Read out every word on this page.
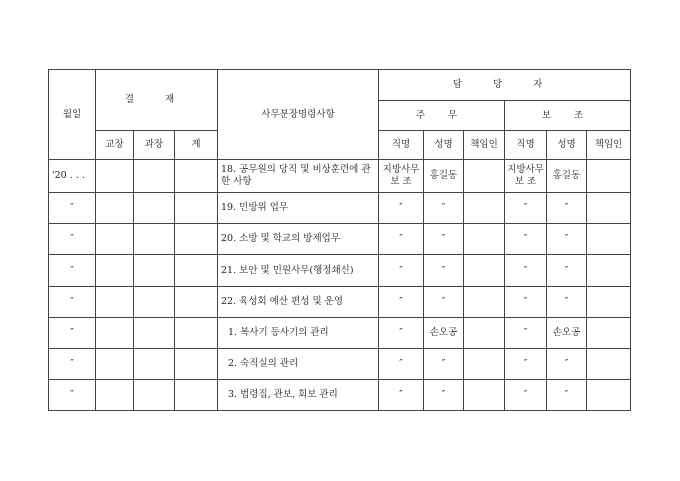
월일	결 재			사무분장명령사항	담 당 자					
					주 무			보 조		
	교장	과장	계		직명	성명	책임인	직명	성명	책임인
'20 . . .				18. 공무원의 당직 및 비상훈련에 관한 사항	지방사무 보 조	홍길동		지방사무 보 조	홍길동	
″				19. 민방위 업무	″	″		″	″	
″				20. 소방 및 학교의 방제업무	″	″		″	″	
″				21. 보안 및 민원사무(행정쇄신)	″	″		″	″	
″				22. 육성회 예산 편성 및 운영	″	″		″	″	
″				1. 복사기 등사기의 관리	″	손오공		″	손오공	
″				2. 숙직실의 관리	″	″		″	″	
″				3. 법령집, 관보, 회보 관리	″	″		″	″	
